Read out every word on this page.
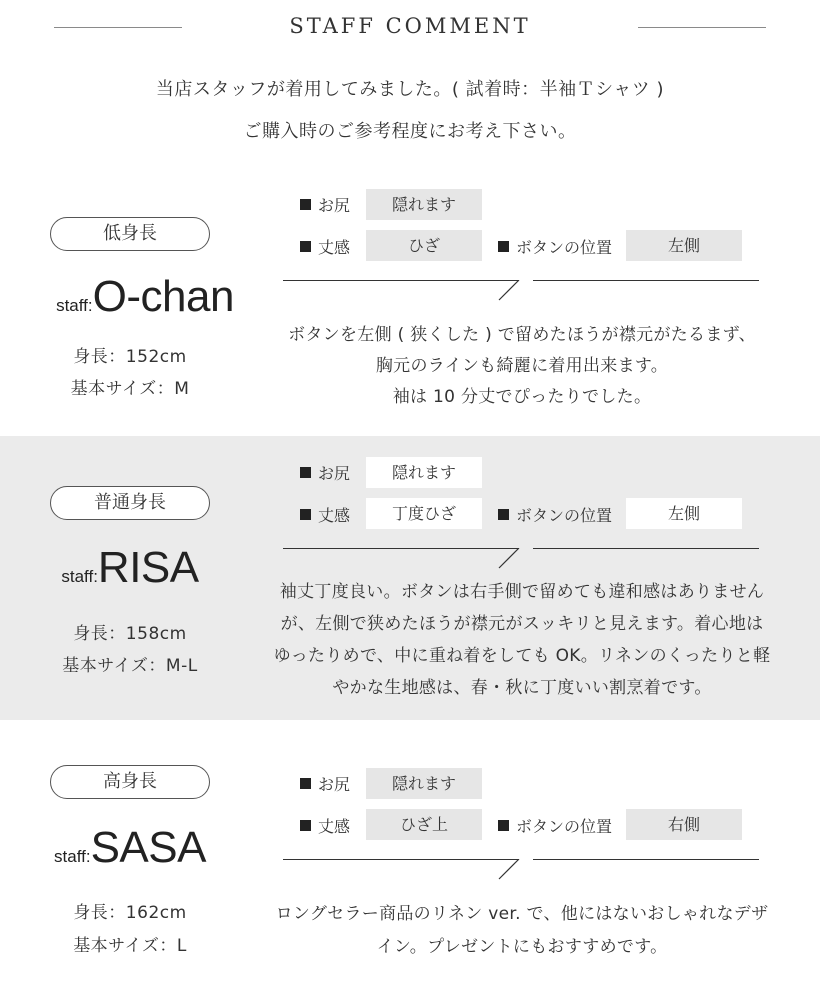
STAFF COMMENT
当店スタッフが着用してみました。( 試着時：半袖Ｔシャツ )
ご購入時のご参考程度にお考え下さい。
低身長
staff:O-chan
身長：152cm
基本サイズ：M
お尻	隠れます
丈感	ひざ	ボタンの位置	左側
ボタンを左側 ( 狭くした ) で留めたほうが襟元がたるまず、
胸元のラインも綺麗に着用出来ます。
袖は 10 分丈でぴったりでした。
普通身長
staff:RISA
身長：158cm
基本サイズ：M-L
お尻	隠れます
丈感	丁度ひざ	ボタンの位置	左側
袖丈丁度良い。ボタンは右手側で留めても違和感はありません
が、左側で狭めたほうが襟元がスッキリと見えます。着心地は
ゆったりめで、中に重ね着をしても OK。リネンのくったりと軽
やかな生地感は、春・秋に丁度いい割烹着です。
高身長
staff:SASA
身長：162cm
基本サイズ：L
お尻	隠れます
丈感	ひざ上	ボタンの位置	右側
ロングセラー商品のリネン ver. で、他にはないおしゃれなデザ
イン。プレゼントにもおすすめです。
